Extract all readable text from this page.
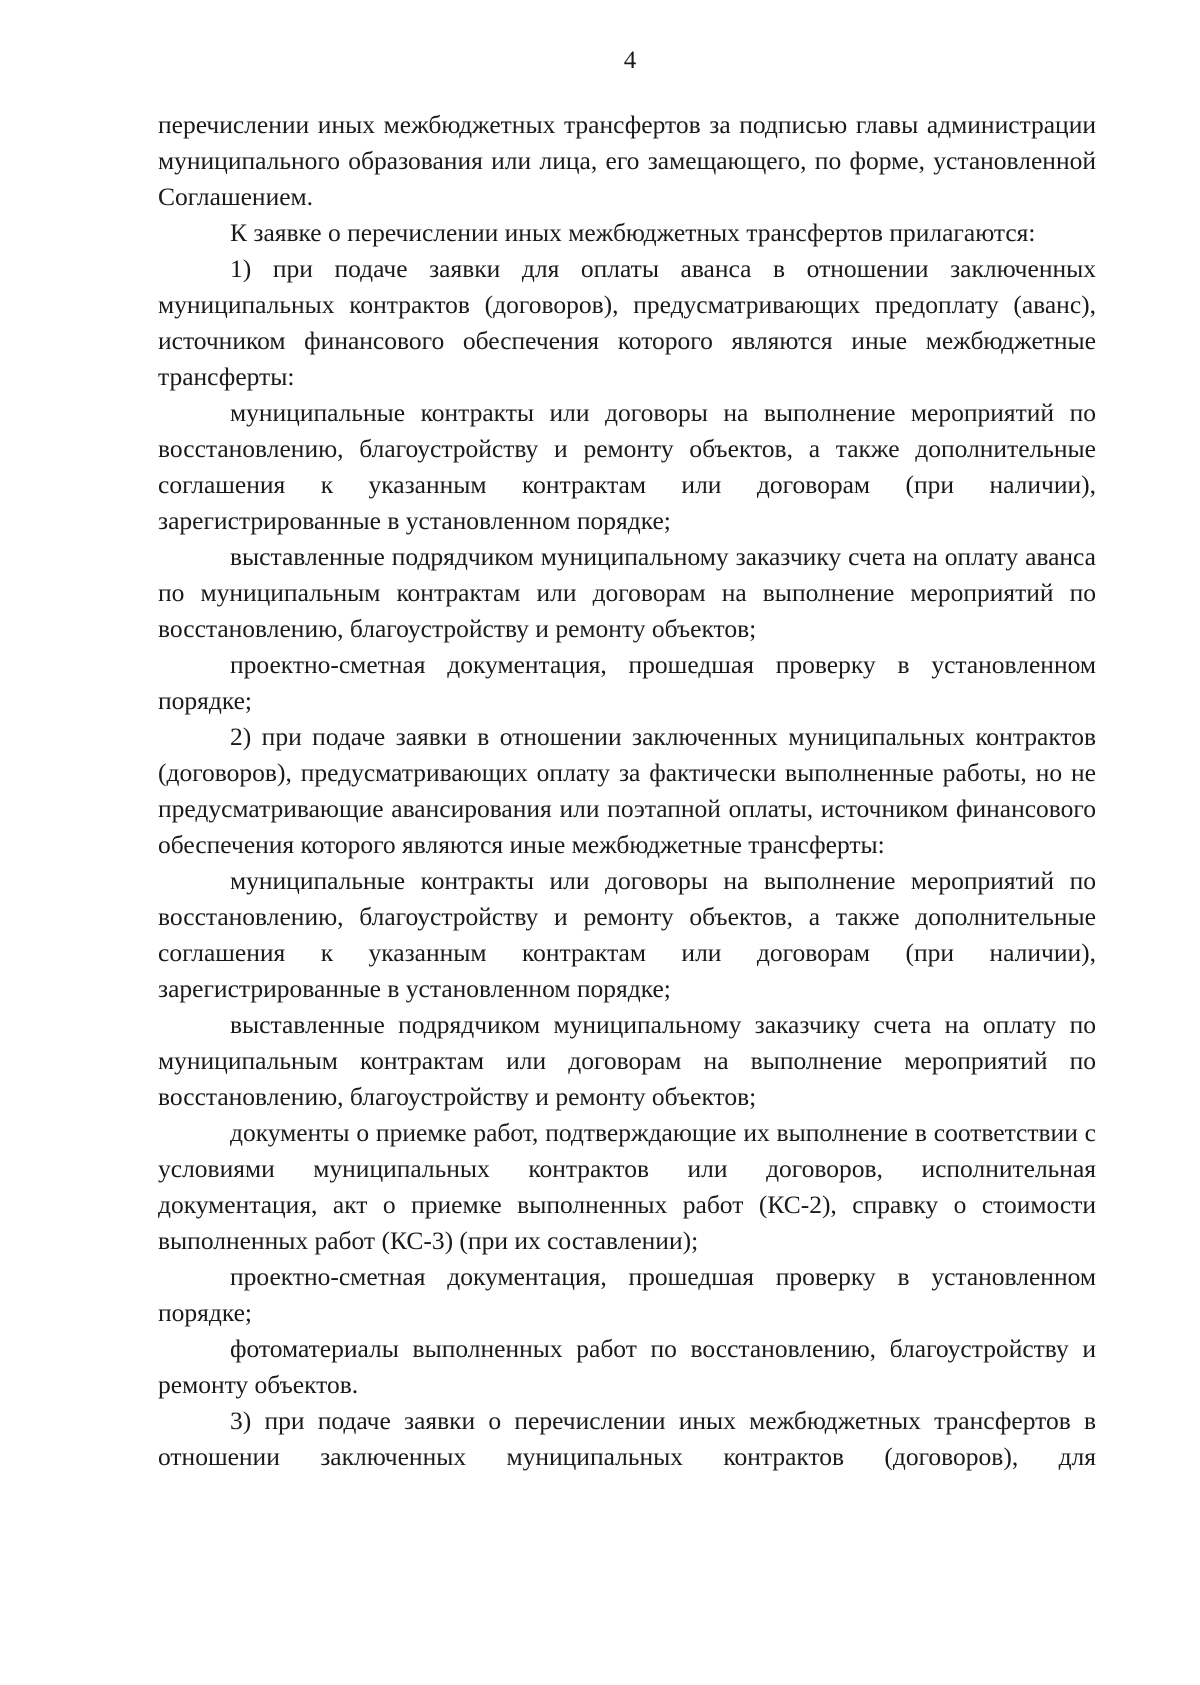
4

перечислении иных межбюджетных трансфертов за подписью главы администрации муниципального образования или лица, его замещающего, по форме, установленной Соглашением.

К заявке о перечислении иных межбюджетных трансфертов прилагаются:

1) при подаче заявки для оплаты аванса в отношении заключенных муниципальных контрактов (договоров), предусматривающих предоплату (аванс), источником финансового обеспечения которого являются иные межбюджетные трансферты:

муниципальные контракты или договоры на выполнение мероприятий по восстановлению, благоустройству и ремонту объектов, а также дополнительные соглашения к указанным контрактам или договорам (при наличии), зарегистрированные в установленном порядке;

выставленные подрядчиком муниципальному заказчику счета на оплату аванса по муниципальным контрактам или договорам на выполнение мероприятий по восстановлению, благоустройству и ремонту объектов;

проектно-сметная документация, прошедшая проверку в установленном порядке;

2) при подаче заявки в отношении заключенных муниципальных контрактов (договоров), предусматривающих оплату за фактически выполненные работы, но не предусматривающие авансирования или поэтапной оплаты, источником финансового обеспечения которого являются иные межбюджетные трансферты:

муниципальные контракты или договоры на выполнение мероприятий по восстановлению, благоустройству и ремонту объектов, а также дополнительные соглашения к указанным контрактам или договорам (при наличии), зарегистрированные в установленном порядке;

выставленные подрядчиком муниципальному заказчику счета на оплату по муниципальным контрактам или договорам на выполнение мероприятий по восстановлению, благоустройству и ремонту объектов;

документы о приемке работ, подтверждающие их выполнение в соответствии с условиями муниципальных контрактов или договоров, исполнительная документация, акт о приемке выполненных работ (КС-2), справку о стоимости выполненных работ (КС-3) (при их составлении);

проектно-сметная документация, прошедшая проверку в установленном порядке;

фотоматериалы выполненных работ по восстановлению, благоустройству и ремонту объектов.

3) при подаче заявки о перечислении иных межбюджетных трансфертов в отношении заключенных муниципальных контрактов (договоров), для
